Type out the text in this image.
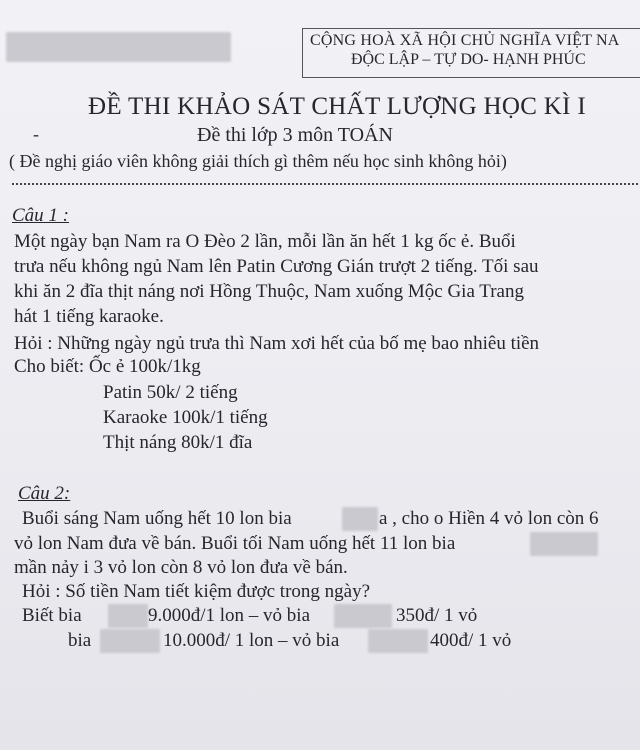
CỘNG HOÀ XÃ HỘI CHỦ NGHĨA VIỆT NA
ĐỘC LẬP – TỰ DO- HẠNH PHÚC
ĐỀ THI KHẢO SÁT CHẤT LƯỢNG HỌC KÌ I
-	Đề thi lớp 3 môn TOÁN
( Đề nghị giáo viên không giải thích gì thêm nếu học sinh không hỏi)
Câu 1 :
Một ngày bạn Nam ra O Đèo 2 lần, mỗi lần ăn hết 1 kg ốc ẻ. Buổi
trưa nếu không ngủ Nam lên Patin Cương Gián trượt 2 tiếng. Tối sau
khi ăn 2 đĩa thịt náng nơi Hồng Thuộc, Nam xuống Mộc Gia Trang
hát 1 tiếng karaoke.
Hỏi : Những ngày ngủ trưa thì Nam xơi hết của bố mẹ bao nhiêu tiền
Cho biết: Ốc ẻ 100k/1kg
Patin 50k/ 2 tiếng
Karaoke 100k/1 tiếng
Thịt náng 80k/1 đĩa
Câu 2:
Buổi sáng Nam uống hết 10 lon bia	a , cho o Hiền 4 vỏ lon còn 6
vỏ lon Nam đưa về bán. Buổi tối Nam uống hết 11 lon bia
mần nảy i 3 vỏ lon còn 8 vỏ lon đưa về bán.
Hỏi : Số tiền Nam tiết kiệm được trong ngày?
Biết bia	9.000đ/1 lon – vỏ bia	350đ/ 1 vỏ
bia	10.000đ/ 1 lon – vỏ bia	400đ/ 1 vỏ
